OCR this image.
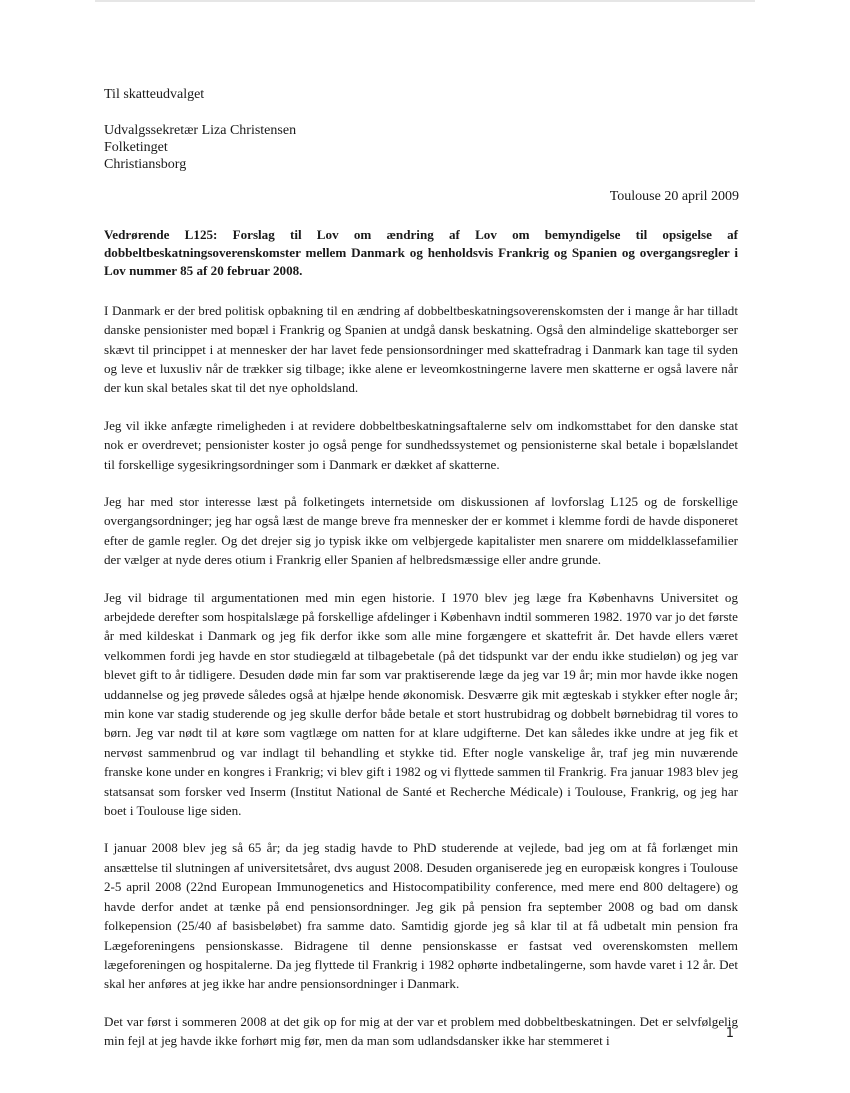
Til skatteudvalget
Udvalgssekretær Liza Christensen
Folketinget
Christiansborg
Toulouse 20 april 2009

Vedrørende L125: Forslag til Lov om ændring af Lov om bemyndigelse til opsigelse af dobbeltbeskatningsoverenskomster mellem Danmark og henholdsvis Frankrig og Spanien og overgangsregler i Lov nummer 85 af 20 februar 2008.

I Danmark er der bred politisk opbakning til en ændring af dobbeltbeskatningsoverenskomsten der i mange år har tilladt danske pensionister med bopæl i Frankrig og Spanien at undgå dansk beskatning. Også den almindelige skatteborger ser skævt til princippet i at mennesker der har lavet fede pensionsordninger med skattefradrag i Danmark kan tage til syden og leve et luxusliv når de trækker sig tilbage; ikke alene er leveomkostningerne lavere men skatterne er også lavere når der kun skal betales skat til det nye opholdsland.

Jeg vil ikke anfægte rimeligheden i at revidere dobbeltbeskatningsaftalerne selv om indkomsttabet for den danske stat nok er overdrevet; pensionister koster jo også penge for sundhedssystemet og pensionisterne skal betale i bopælslandet til forskellige sygesikringsordninger som i Danmark er dækket af skatterne.

Jeg har med stor interesse læst på folketingets internetside om diskussionen af lovforslag L125 og de forskellige overgangsordninger; jeg har også læst de mange breve fra mennesker der er kommet i klemme fordi de havde disponeret efter de gamle regler. Og det drejer sig jo typisk ikke om velbjergede kapitalister men snarere om middelklassefamilier der vælger at nyde deres otium i Frankrig eller Spanien af helbredsmæssige eller andre grunde.

Jeg vil bidrage til argumentationen med min egen historie. I 1970 blev jeg læge fra Københavns Universitet og arbejdede derefter som hospitalslæge på forskellige afdelinger i København indtil sommeren 1982. 1970 var jo det første år med kildeskat i Danmark og jeg fik derfor ikke som alle mine forgængere et skattefrit år. Det havde ellers været velkommen fordi jeg havde en stor studiegæld at tilbagebetale (på det tidspunkt var der endu ikke studieløn) og jeg var blevet gift to år tidligere. Desuden døde min far som var praktiserende læge da jeg var 19 år; min mor havde ikke nogen uddannelse og jeg prøvede således også at hjælpe hende økonomisk. Desværre gik mit ægteskab i stykker efter nogle år; min kone var stadig studerende og jeg skulle derfor både betale et stort hustrubidrag og dobbelt børnebidrag til vores to børn. Jeg var nødt til at køre som vagtlæge om natten for at klare udgifterne. Det kan således ikke undre at jeg fik et nervøst sammenbrud og var indlagt til behandling et stykke tid. Efter nogle vanskelige år, traf jeg min nuværende franske kone under en kongres i Frankrig; vi blev gift i 1982 og vi flyttede sammen til Frankrig. Fra januar 1983 blev jeg statsansat som forsker ved Inserm (Institut National de Santé et Recherche Médicale) i Toulouse, Frankrig, og jeg har boet i Toulouse lige siden.

I januar 2008 blev jeg så 65 år; da jeg stadig havde to PhD studerende at vejlede, bad jeg om at få forlænget min ansættelse til slutningen af universitetsåret, dvs august 2008. Desuden organiserede jeg en europæisk kongres i Toulouse 2-5 april 2008 (22nd European Immunogenetics and Histocompatibility conference, med mere end 800 deltagere) og havde derfor andet at tænke på end pensionsordninger. Jeg gik på pension fra september 2008 og bad om dansk folkepension (25/40 af basisbeløbet) fra samme dato. Samtidig gjorde jeg så klar til at få udbetalt min pension fra Lægeforeningens pensionskasse. Bidragene til denne pensionskasse er fastsat ved overenskomsten mellem lægeforeningen og hospitalerne. Da jeg flyttede til Frankrig i 1982 ophørte indbetalingerne, som havde varet i 12 år. Det skal her anføres at jeg ikke har andre pensionsordninger i Danmark.

Det var først i sommeren 2008 at det gik op for mig at der var et problem med dobbeltbeskatningen. Det er selvfølgelig min fejl at jeg havde ikke forhørt mig før, men da man som udlandsdansker ikke har stemmeret i	1
